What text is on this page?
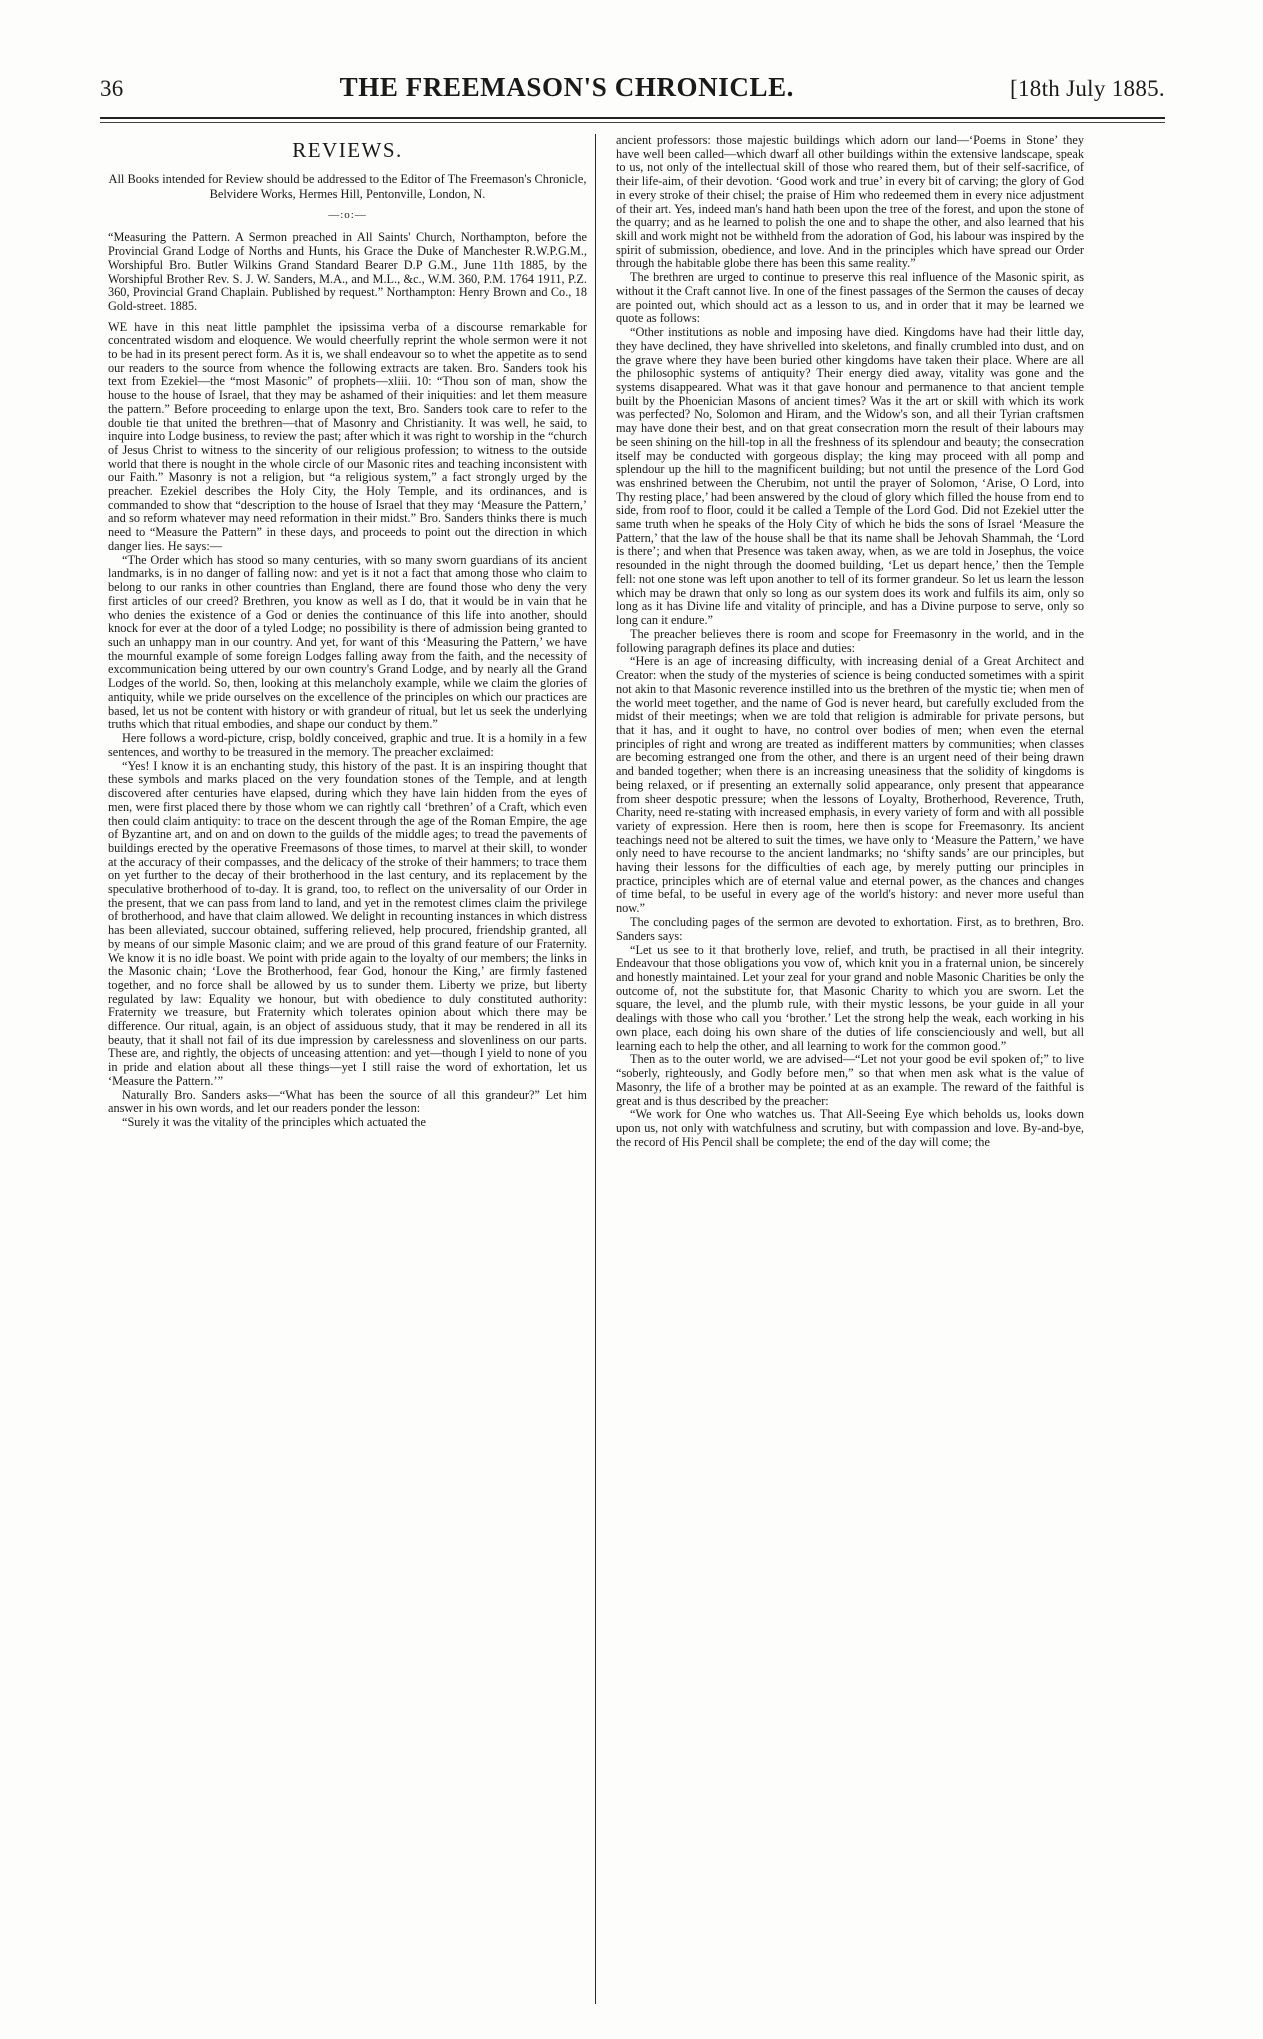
36	THE FREEMASON'S CHRONICLE.	[18th July 1885.
REVIEWS.
All Books intended for Review should be addressed to the Editor of The Freemason's Chronicle, Belvidere Works, Hermes Hill, Pentonville, London, N.
—:o:—

“Measuring the Pattern. A Sermon preached in All Saints' Church, Northampton, before the Provincial Grand Lodge of Norths and Hunts, his Grace the Duke of Manchester R.W.P.G.M., Worshipful Bro. Butler Wilkins Grand Standard Bearer D.P G.M., June 11th 1885, by the Worshipful Brother Rev. S. J. W. Sanders, M.A., and M.L., &c., W.M. 360, P.M. 1764 1911, P.Z. 360, Provincial Grand Chaplain. Published by request.” Northampton: Henry Brown and Co., 18 Gold-street. 1885.

WE have in this neat little pamphlet the ipsissima verba of a discourse remarkable for concentrated wisdom and eloquence. We would cheerfully reprint the whole sermon were it not to be had in its present perect form. As it is, we shall endeavour so to whet the appetite as to send our readers to the source from whence the following extracts are taken. Bro. Sanders took his text from Ezekiel—the “most Masonic” of prophets—xliii. 10: “Thou son of man, show the house to the house of Israel, that they may be ashamed of their iniquities: and let them measure the pattern.” Before proceeding to enlarge upon the text, Bro. Sanders took care to refer to the double tie that united the brethren—that of Masonry and Christianity. It was well, he said, to inquire into Lodge business, to review the past; after which it was right to worship in the “church of Jesus Christ to witness to the sincerity of our religious profession; to witness to the outside world that there is nought in the whole circle of our Masonic rites and teaching inconsistent with our Faith.” Masonry is not a religion, but “a religious system,” a fact strongly urged by the preacher. Ezekiel describes the Holy City, the Holy Temple, and its ordinances, and is commanded to show that “description to the house of Israel that they may ‘Measure the Pattern,’ and so reform whatever may need reformation in their midst.” Bro. Sanders thinks there is much need to “Measure the Pattern” in these days, and proceeds to point out the direction in which danger lies. He says:—

“The Order which has stood so many centuries, with so many sworn guardians of its ancient landmarks, is in no danger of falling now: and yet is it not a fact that among those who claim to belong to our ranks in other countries than England, there are found those who deny the very first articles of our creed? Brethren, you know as well as I do, that it would be in vain that he who denies the existence of a God or denies the continuance of this life into another, should knock for ever at the door of a tyled Lodge; no possibility is there of admission being granted to such an unhappy man in our country. And yet, for want of this ‘Measuring the Pattern,’ we have the mournful example of some foreign Lodges falling away from the faith, and the necessity of excommunication being uttered by our own country's Grand Lodge, and by nearly all the Grand Lodges of the world. So, then, looking at this melancholy example, while we claim the glories of antiquity, while we pride ourselves on the excellence of the principles on which our practices are based, let us not be content with history or with grandeur of ritual, but let us seek the underlying truths which that ritual embodies, and shape our conduct by them.”

Here follows a word-picture, crisp, boldly conceived, graphic and true. It is a homily in a few sentences, and worthy to be treasured in the memory. The preacher exclaimed:

“Yes! I know it is an enchanting study, this history of the past. It is an inspiring thought that these symbols and marks placed on the very foundation stones of the Temple, and at length discovered after centuries have elapsed, during which they have lain hidden from the eyes of men, were first placed there by those whom we can rightly call ‘brethren’ of a Craft, which even then could claim antiquity: to trace on the descent through the age of the Roman Empire, the age of Byzantine art, and on and on down to the guilds of the middle ages; to tread the pavements of buildings erected by the operative Freemasons of those times, to marvel at their skill, to wonder at the accuracy of their compasses, and the delicacy of the stroke of their hammers; to trace them on yet further to the decay of their brotherhood in the last century, and its replacement by the speculative brotherhood of to-day. It is grand, too, to reflect on the universality of our Order in the present, that we can pass from land to land, and yet in the remotest climes claim the privilege of brotherhood, and have that claim allowed. We delight in recounting instances in which distress has been alleviated, succour obtained, suffering relieved, help procured, friendship granted, all by means of our simple Masonic claim; and we are proud of this grand feature of our Fraternity. We know it is no idle boast. We point with pride again to the loyalty of our members; the links in the Masonic chain; ‘Love the Brotherhood, fear God, honour the King,’ are firmly fastened together, and no force shall be allowed by us to sunder them. Liberty we prize, but liberty regulated by law: Equality we honour, but with obedience to duly constituted authority: Fraternity we treasure, but Fraternity which tolerates opinion about which there may be difference. Our ritual, again, is an object of assiduous study, that it may be rendered in all its beauty, that it shall not fail of its due impression by carelessness and slovenliness on our parts. These are, and rightly, the objects of unceasing attention: and yet—though I yield to none of you in pride and elation about all these things—yet I still raise the word of exhortation, let us ‘Measure the Pattern.’”

Naturally Bro. Sanders asks—“What has been the source of all this grandeur?” Let him answer in his own words, and let our readers ponder the lesson:

“Surely it was the vitality of the principles which actuated the

ancient professors: those majestic buildings which adorn our land—‘Poems in Stone’ they have well been called—which dwarf all other buildings within the extensive landscape, speak to us, not only of the intellectual skill of those who reared them, but of their self-sacrifice, of their life-aim, of their devotion. ‘Good work and true’ in every bit of carving; the glory of God in every stroke of their chisel; the praise of Him who redeemed them in every nice adjustment of their art. Yes, indeed man's hand hath been upon the tree of the forest, and upon the stone of the quarry; and as he learned to polish the one and to shape the other, and also learned that his skill and work might not be withheld from the adoration of God, his labour was inspired by the spirit of submission, obedience, and love. And in the principles which have spread our Order through the habitable globe there has been this same reality.”

The brethren are urged to continue to preserve this real influence of the Masonic spirit, as without it the Craft cannot live. In one of the finest passages of the Sermon the causes of decay are pointed out, which should act as a lesson to us, and in order that it may be learned we quote as follows:

“Other institutions as noble and imposing have died. Kingdoms have had their little day, they have declined, they have shrivelled into skeletons, and finally crumbled into dust, and on the grave where they have been buried other kingdoms have taken their place. Where are all the philosophic systems of antiquity? Their energy died away, vitality was gone and the systems disappeared. What was it that gave honour and permanence to that ancient temple built by the Phoenician Masons of ancient times? Was it the art or skill with which its work was perfected? No, Solomon and Hiram, and the Widow's son, and all their Tyrian craftsmen may have done their best, and on that great consecration morn the result of their labours may be seen shining on the hill-top in all the freshness of its splendour and beauty; the consecration itself may be conducted with gorgeous display; the king may proceed with all pomp and splendour up the hill to the magnificent building; but not until the presence of the Lord God was enshrined between the Cherubim, not until the prayer of Solomon, ‘Arise, O Lord, into Thy resting place,’ had been answered by the cloud of glory which filled the house from end to side, from roof to floor, could it be called a Temple of the Lord God. Did not Ezekiel utter the same truth when he speaks of the Holy City of which he bids the sons of Israel ‘Measure the Pattern,’ that the law of the house shall be that its name shall be Jehovah Shammah, the ‘Lord is there’; and when that Presence was taken away, when, as we are told in Josephus, the voice resounded in the night through the doomed building, ‘Let us depart hence,’ then the Temple fell: not one stone was left upon another to tell of its former grandeur. So let us learn the lesson which may be drawn that only so long as our system does its work and fulfils its aim, only so long as it has Divine life and vitality of principle, and has a Divine purpose to serve, only so long can it endure.”

The preacher believes there is room and scope for Freemasonry in the world, and in the following paragraph defines its place and duties:

“Here is an age of increasing difficulty, with increasing denial of a Great Architect and Creator: when the study of the mysteries of science is being conducted sometimes with a spirit not akin to that Masonic reverence instilled into us the brethren of the mystic tie; when men of the world meet together, and the name of God is never heard, but carefully excluded from the midst of their meetings; when we are told that religion is admirable for private persons, but that it has, and it ought to have, no control over bodies of men; when even the eternal principles of right and wrong are treated as indifferent matters by communities; when classes are becoming estranged one from the other, and there is an urgent need of their being drawn and banded together; when there is an increasing uneasiness that the solidity of kingdoms is being relaxed, or if presenting an externally solid appearance, only present that appearance from sheer despotic pressure; when the lessons of Loyalty, Brotherhood, Reverence, Truth, Charity, need re-stating with increased emphasis, in every variety of form and with all possible variety of expression. Here then is room, here then is scope for Freemasonry. Its ancient teachings need not be altered to suit the times, we have only to ‘Measure the Pattern,’ we have only need to have recourse to the ancient landmarks; no ‘shifty sands’ are our principles, but having their lessons for the difficulties of each age, by merely putting our principles in practice, principles which are of eternal value and eternal power, as the chances and changes of time befal, to be useful in every age of the world's history: and never more useful than now.”

The concluding pages of the sermon are devoted to exhortation. First, as to brethren, Bro. Sanders says:

“Let us see to it that brotherly love, relief, and truth, be practised in all their integrity. Endeavour that those obligations you vow of, which knit you in a fraternal union, be sincerely and honestly maintained. Let your zeal for your grand and noble Masonic Charities be only the outcome of, not the substitute for, that Masonic Charity to which you are sworn. Let the square, the level, and the plumb rule, with their mystic lessons, be your guide in all your dealings with those who call you ‘brother.’ Let the strong help the weak, each working in his own place, each doing his own share of the duties of life conscienciously and well, but all learning each to help the other, and all learning to work for the common good.”

Then as to the outer world, we are advised—“Let not your good be evil spoken of;” to live “soberly, righteously, and Godly before men,” so that when men ask what is the value of Masonry, the life of a brother may be pointed at as an example. The reward of the faithful is great and is thus described by the preacher:

“We work for One who watches us. That All-Seeing Eye which beholds us, looks down upon us, not only with watchfulness and scrutiny, but with compassion and love. By-and-bye, the record of His Pencil shall be complete; the end of the day will come; the
